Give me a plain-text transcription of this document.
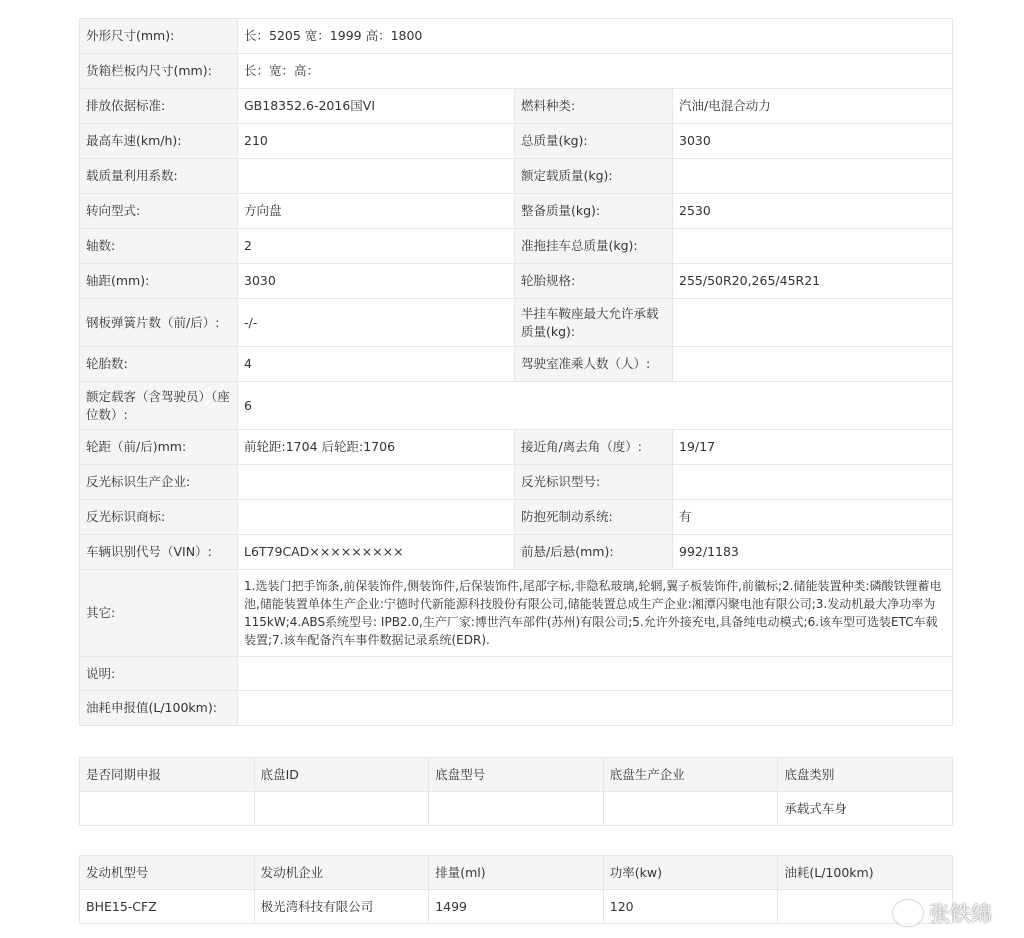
外形尺寸(mm):	长：5205 宽：1999 高：1800		
货箱栏板内尺寸(mm):	长：宽：高：		
排放依据标准:	GB18352.6-2016国VI	燃料种类:	汽油/电混合动力
最高车速(km/h):	210	总质量(kg):	3030
载质量利用系数:		额定载质量(kg):	
转向型式:	方向盘	整备质量(kg):	2530
轴数:	2	准拖挂车总质量(kg):	
轴距(mm):	3030	轮胎规格:	255/50R20,265/45R21
钢板弹簧片数（前/后）:	-/-	半挂车鞍座最大允许承载质量(kg):	
轮胎数:	4	驾驶室准乘人数（人）:	
额定载客（含驾驶员）（座位数）:	6		
轮距（前/后)mm:	前轮距:1704 后轮距:1706	接近角/离去角（度）:	19/17
反光标识生产企业:		反光标识型号:	
反光标识商标:		防抱死制动系统:	有
车辆识别代号（VIN）:	L6T79CAD×××××××××	前悬/后悬(mm):	992/1183
其它:	1.选装门把手饰条,前保装饰件,侧装饰件,后保装饰件,尾部字标,非隐私玻璃,轮辋,翼子板装饰件,前徽标;2.储能装置种类:磷酸铁锂蓄电池,储能装置单体生产企业:宁德时代新能源科技股份有限公司,储能装置总成生产企业:湘潭闪聚电池有限公司;3.发动机最大净功率为115kW;4.ABS系统型号: IPB2.0,生产厂家:博世汽车部件(苏州)有限公司;5.允许外接充电,具备纯电动模式;6.该车型可选装ETC车载装置;7.该车配备汽车事件数据记录系统(EDR).		
说明:			
油耗申报值(L/100km):			
是否同期申报	底盘ID	底盘型号	底盘生产企业	底盘类别
				承载式车身
发动机型号	发动机企业	排量(ml)	功率(kw)	油耗(L/100km)
BHE15-CFZ	极光湾科技有限公司	1499	120		张铁绵
